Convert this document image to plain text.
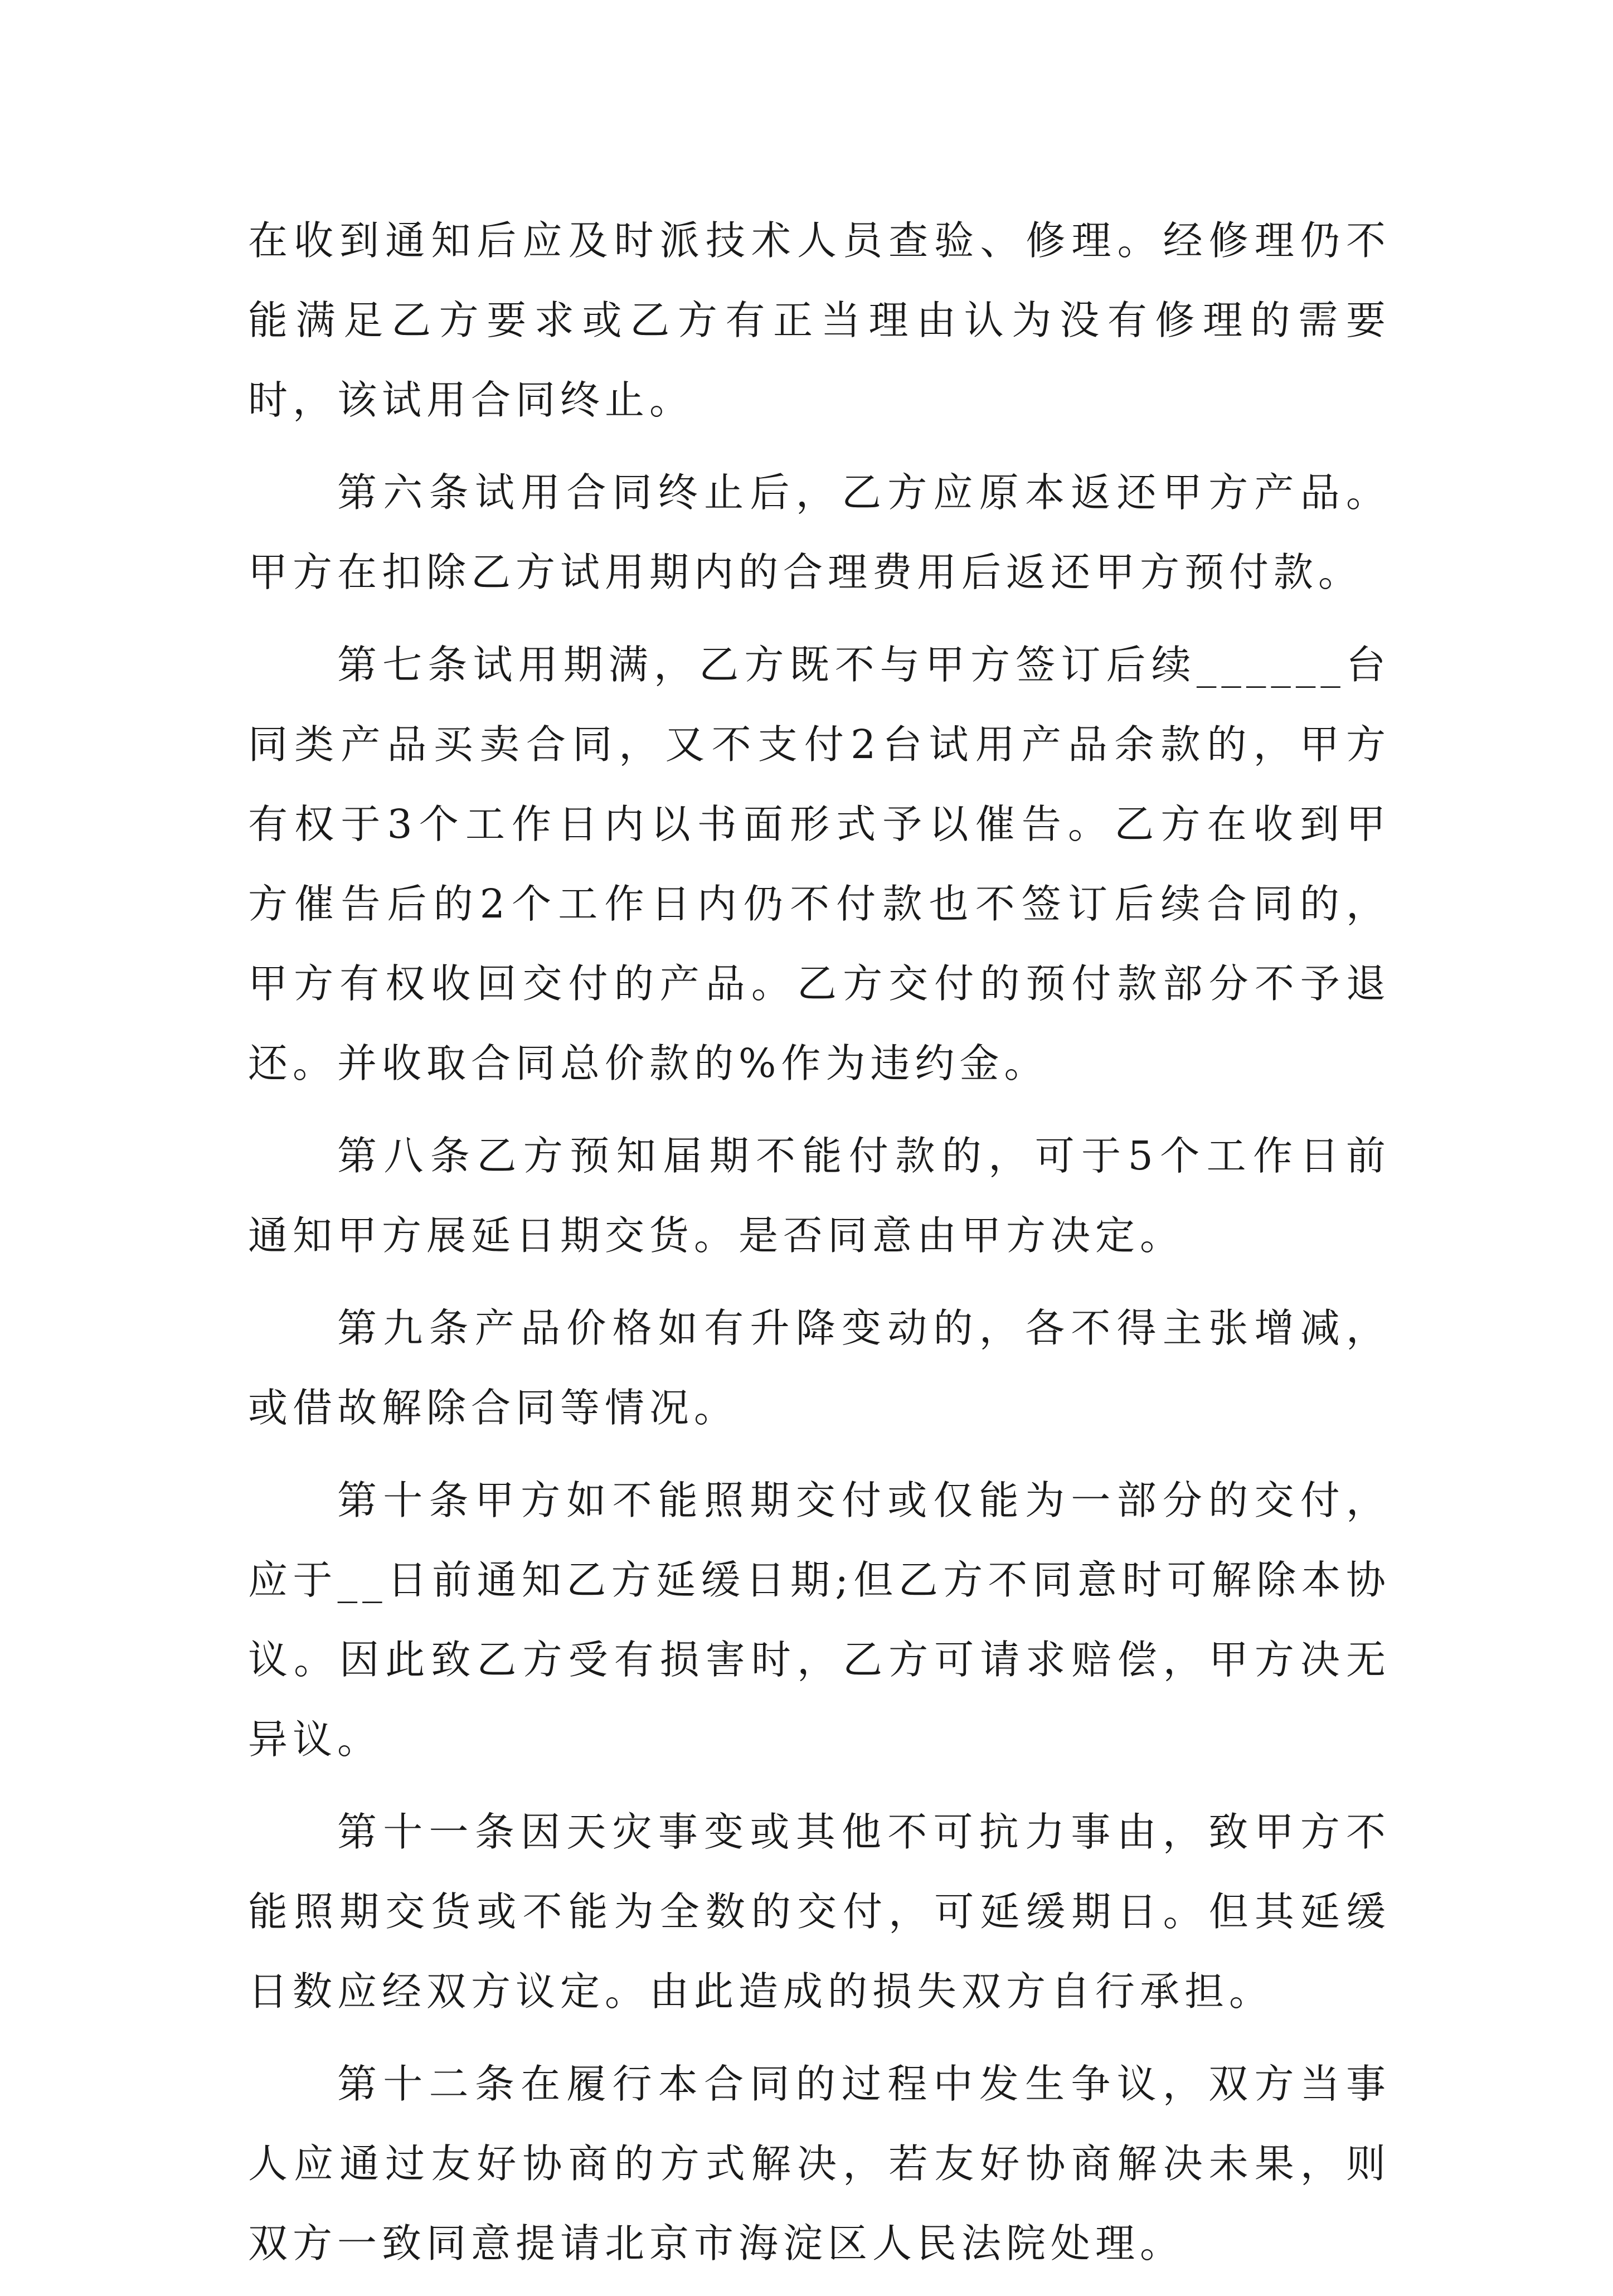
在收到通知后应及时派技术人员查验、修理。经修理仍不能满足乙方要求或乙方有正当理由认为没有修理的需要时，该试用合同终止。

第六条试用合同终止后，乙方应原本返还甲方产品。甲方在扣除乙方试用期内的合理费用后返还甲方预付款。

第七条试用期满，乙方既不与甲方签订后续______台同类产品买卖合同，又不支付2台试用产品余款的，甲方有权于3个工作日内以书面形式予以催告。乙方在收到甲方催告后的2个工作日内仍不付款也不签订后续合同的，甲方有权收回交付的产品。乙方交付的预付款部分不予退还。并收取合同总价款的%作为违约金。

第八条乙方预知届期不能付款的，可于5个工作日前通知甲方展延日期交货。是否同意由甲方决定。

第九条产品价格如有升降变动的，各不得主张增减，或借故解除合同等情况。

第十条甲方如不能照期交付或仅能为一部分的交付，应于__日前通知乙方延缓日期;但乙方不同意时可解除本协议。因此致乙方受有损害时，乙方可请求赔偿，甲方决无异议。

第十一条因天灾事变或其他不可抗力事由，致甲方不能照期交货或不能为全数的交付，可延缓期日。但其延缓日数应经双方议定。由此造成的损失双方自行承担。

第十二条在履行本合同的过程中发生争议，双方当事人应通过友好协商的方式解决，若友好协商解决未果，则双方一致同意提请北京市海淀区人民法院处理。
